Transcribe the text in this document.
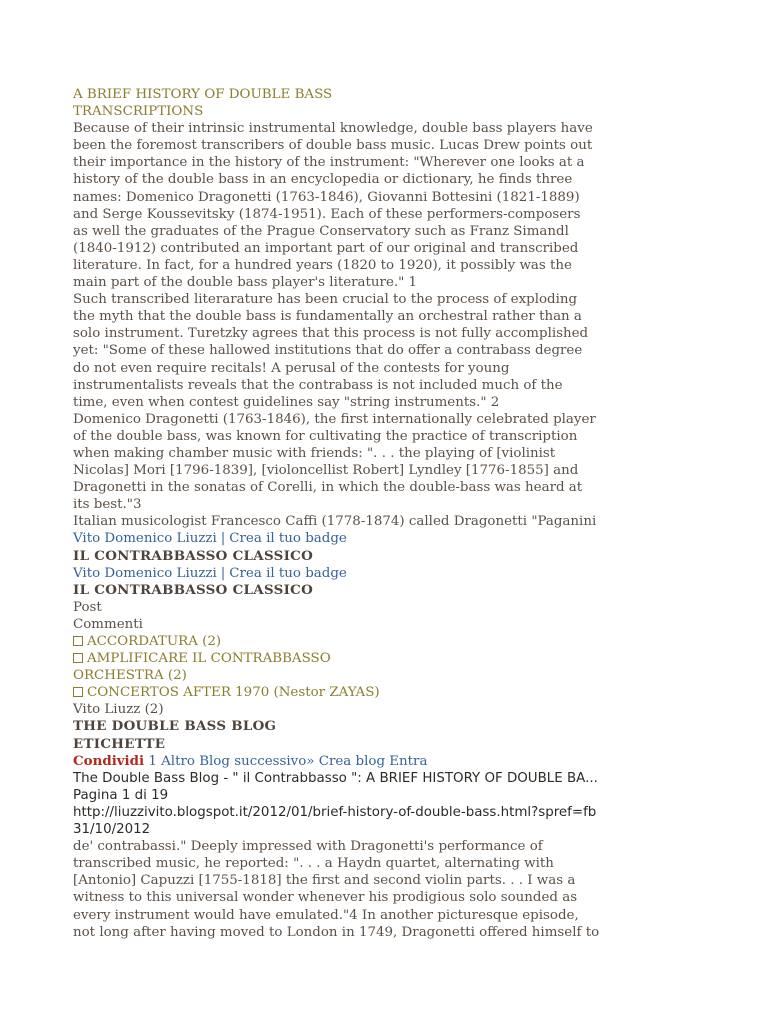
A BRIEF HISTORY OF DOUBLE BASS
TRANSCRIPTIONS
Because of their intrinsic instrumental knowledge, double bass players have
been the foremost transcribers of double bass music. Lucas Drew points out
their importance in the history of the instrument: "Wherever one looks at a
history of the double bass in an encyclopedia or dictionary, he finds three
names: Domenico Dragonetti (1763-1846), Giovanni Bottesini (1821-1889)
and Serge Koussevitsky (1874-1951). Each of these performers-composers
as well the graduates of the Prague Conservatory such as Franz Simandl
(1840-1912) contributed an important part of our original and transcribed
literature. In fact, for a hundred years (1820 to 1920), it possibly was the
main part of the double bass player's literature." 1
Such transcribed literarature has been crucial to the process of exploding
the myth that the double bass is fundamentally an orchestral rather than a
solo instrument. Turetzky agrees that this process is not fully accomplished
yet: "Some of these hallowed institutions that do offer a contrabass degree
do not even require recitals! A perusal of the contests for young
instrumentalists reveals that the contrabass is not included much of the
time, even when contest guidelines say "string instruments." 2
Domenico Dragonetti (1763-1846), the first internationally celebrated player
of the double bass, was known for cultivating the practice of transcription
when making chamber music with friends: ". . . the playing of [violinist
Nicolas] Mori [1796-1839], [violoncellist Robert] Lyndley [1776-1855] and
Dragonetti in the sonatas of Corelli, in which the double-bass was heard at
its best."3
Italian musicologist Francesco Caffi (1778-1874) called Dragonetti "Paganini
Vito Domenico Liuzzi | Crea il tuo badge
IL CONTRABBASSO CLASSICO
Vito Domenico Liuzzi | Crea il tuo badge
IL CONTRABBASSO CLASSICO
Post
Commenti
ACCORDATURA (2)
AMPLIFICARE IL CONTRABBASSO
ORCHESTRA (2)
CONCERTOS AFTER 1970 (Nestor ZAYAS)
Vito Liuzz (2)
THE DOUBLE BASS BLOG
ETICHETTE
Condividi 1 Altro Blog successivo» Crea blog Entra
The Double Bass Blog - " il Contrabbasso ": A BRIEF HISTORY OF DOUBLE BA...
Pagina 1 di 19
http://liuzzivito.blogspot.it/2012/01/brief-history-of-double-bass.html?spref=fb
31/10/2012
de' contrabassi." Deeply impressed with Dragonetti's performance of
transcribed music, he reported: ". . . a Haydn quartet, alternating with
[Antonio] Capuzzi [1755-1818] the first and second violin parts. . . I was a
witness to this universal wonder whenever his prodigious solo sounded as
every instrument would have emulated."4 In another picturesque episode,
not long after having moved to London in 1749, Dragonetti offered himself to
